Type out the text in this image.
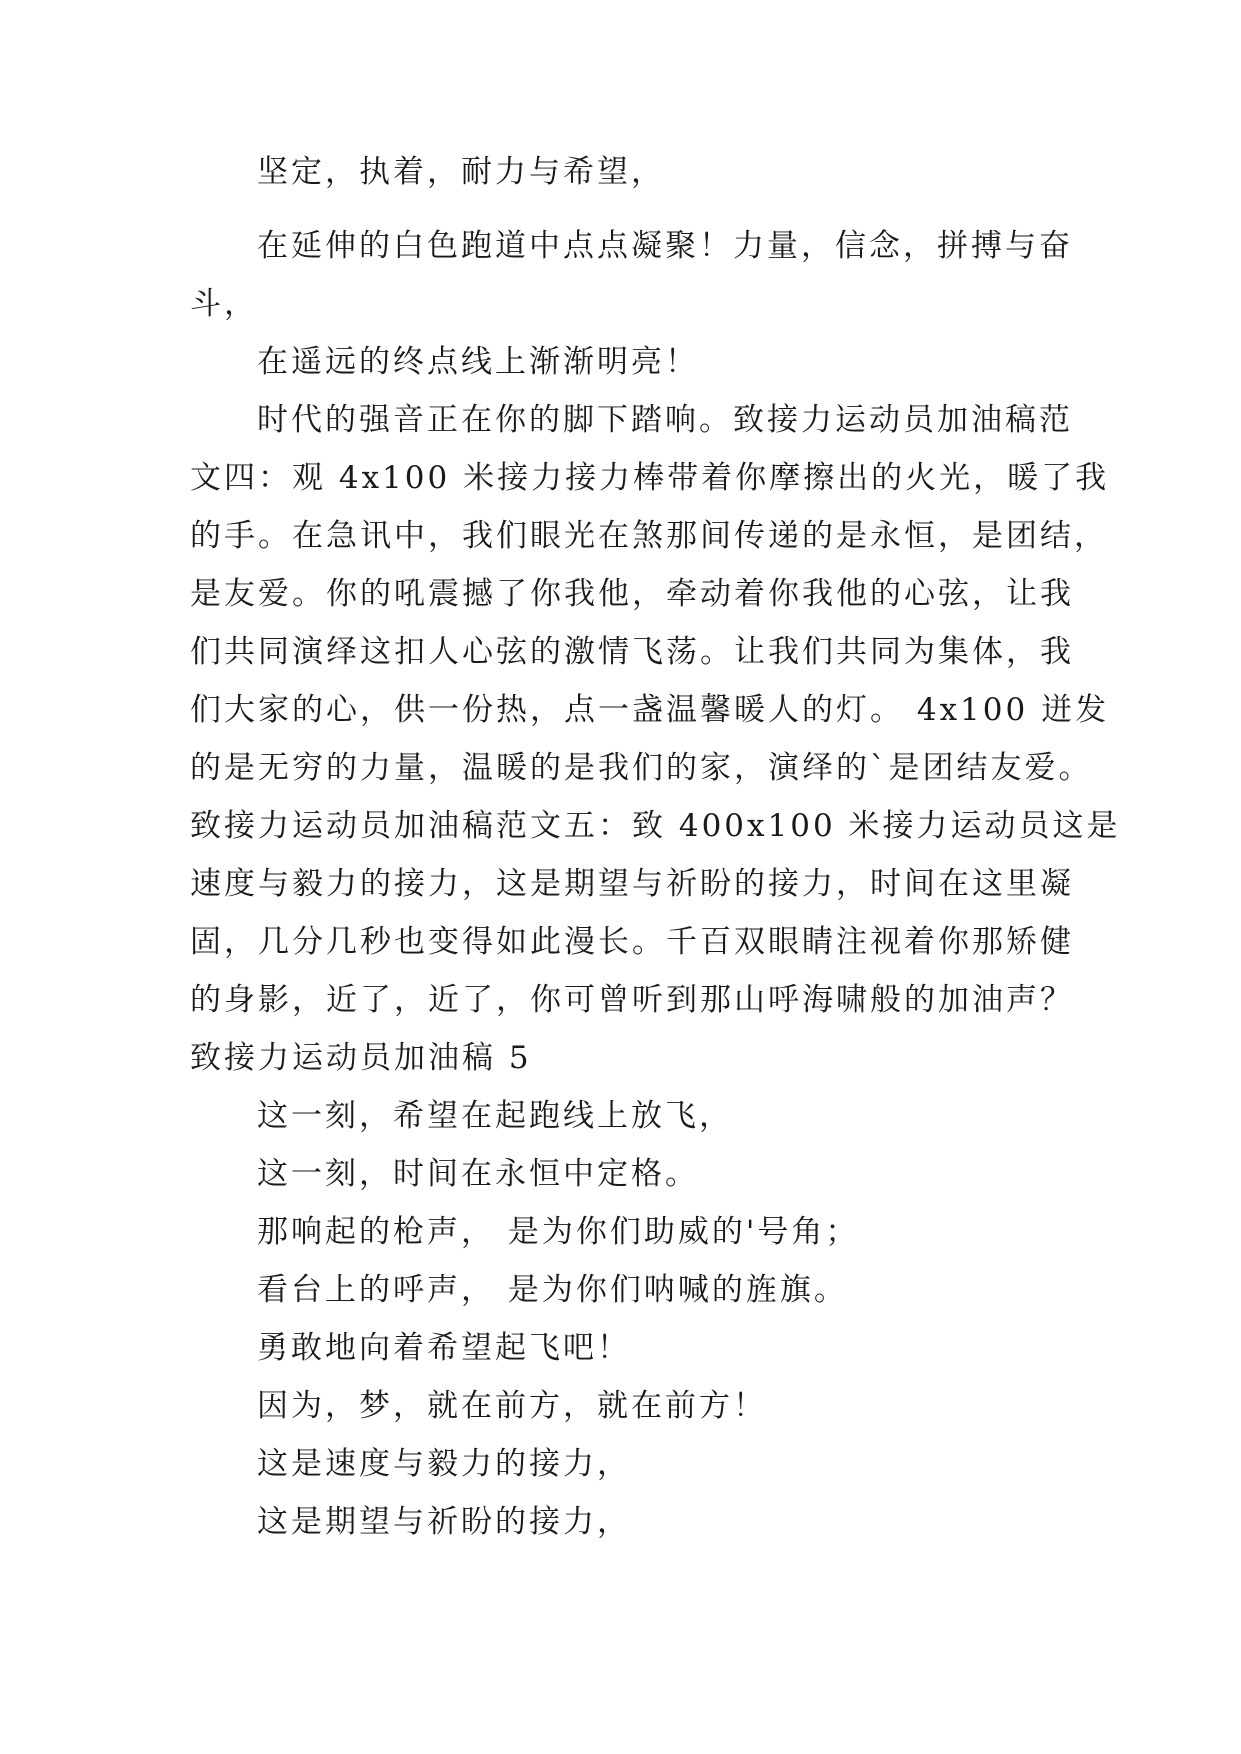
坚定，执着，耐力与希望，
在延伸的白色跑道中点点凝聚！力量，信念，拼搏与奋
斗，
在遥远的终点线上渐渐明亮！
时代的强音正在你的脚下踏响。致接力运动员加油稿范
文四：观 4x100 米接力接力棒带着你摩擦出的火光，暖了我
的手。在急讯中，我们眼光在煞那间传递的是永恒，是团结，
是友爱。你的吼震撼了你我他，牵动着你我他的心弦，让我
们共同演绎这扣人心弦的激情飞荡。让我们共同为集体，我
们大家的心，供一份热，点一盏温馨暖人的灯。 4x100 迸发
的是无穷的力量，温暖的是我们的家，演绎的`是团结友爱。
致接力运动员加油稿范文五：致 400x100 米接力运动员这是
速度与毅力的接力，这是期望与祈盼的接力，时间在这里凝
固，几分几秒也变得如此漫长。千百双眼睛注视着你那矫健
的身影，近了，近了，你可曾听到那山呼海啸般的加油声？
致接力运动员加油稿 5
这一刻，希望在起跑线上放飞，
这一刻，时间在永恒中定格。
那响起的枪声， 是为你们助威的'号角；
看台上的呼声， 是为你们呐喊的旌旗。
勇敢地向着希望起飞吧！
因为，梦，就在前方，就在前方！
这是速度与毅力的接力，
这是期望与祈盼的接力，
